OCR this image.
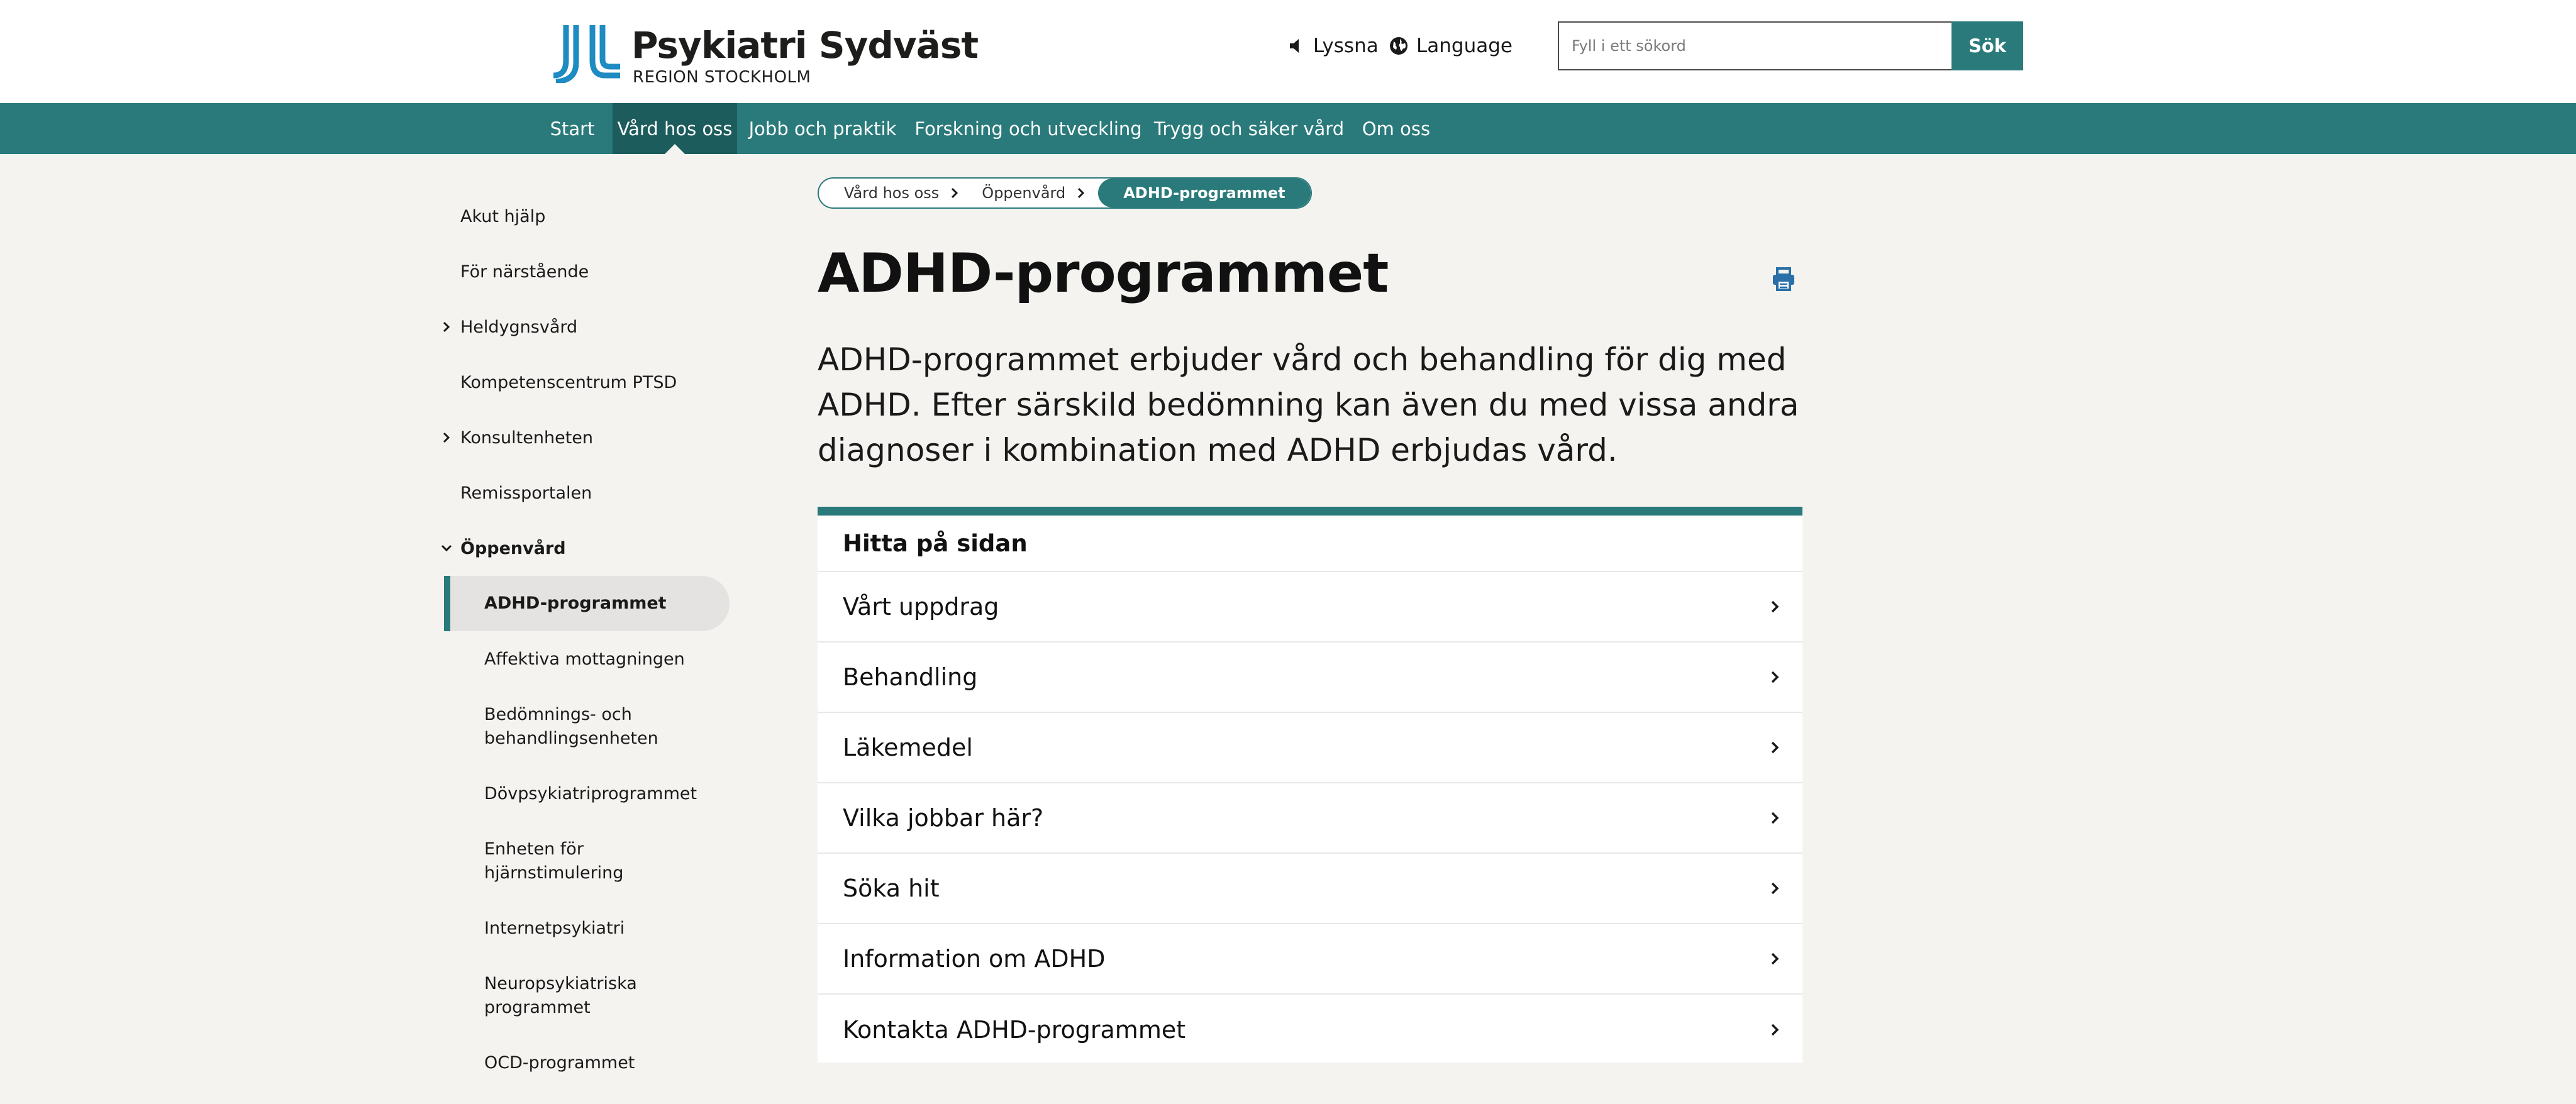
Psykiatri Sydväst
REGION STOCKHOLM
Lyssna Language
Fyll i ett sökord	Sök
Start	Vård hos oss Jobb och praktik Forskning och utveckling Trygg och säker vård Om oss
Akut hjälp
För närstående
Heldygnsvård
Kompetenscentrum PTSD
Konsultenheten
Remissportalen
Öppenvård
ADHD-programmet
Affektiva mottagningen
Bedömnings- och behandlingsenheten
Dövpsykiatriprogrammet
Enheten för hjärnstimulering
Internetpsykiatri
Neuropsykiatriska programmet
OCD-programmet
Vård hos oss	Öppenvård	ADHD-programmet
ADHD-programmet

ADHD-programmet erbjuder vård och behandling för dig med ADHD. Efter särskild bedömning kan även du med vissa andra diagnoser i kombination med ADHD erbjudas vård.

Hitta på sidan
Vårt uppdrag
Behandling
Läkemedel
Vilka jobbar här?
Söka hit
Information om ADHD
Kontakta ADHD-programmet
